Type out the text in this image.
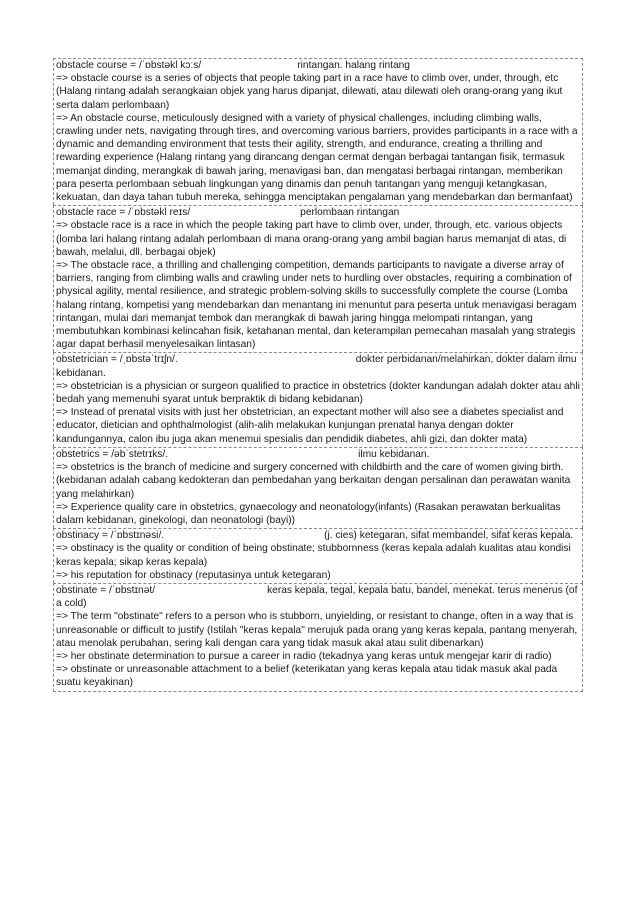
obstacle course = /ˈɒbstəkl kɔːs/	rintangan. halang rintang

=> obstacle course is a series of objects that people taking part in a race have to climb over, under, through, etc (Halang rintang adalah serangkaian objek yang harus dipanjat, dilewati, atau dilewati oleh orang-orang yang ikut serta dalam perlombaan)

=> An obstacle course, meticulously designed with a variety of physical challenges, including climbing walls, crawling under nets, navigating through tires, and overcoming various barriers, provides participants in a race with a dynamic and demanding environment that tests their agility, strength, and endurance, creating a thrilling and rewarding experience (Halang rintang yang dirancang dengan cermat dengan berbagai tantangan fisik, termasuk memanjat dinding, merangkak di bawah jaring, menavigasi ban, dan mengatasi berbagai rintangan, memberikan para peserta perlombaan sebuah lingkungan yang dinamis dan penuh tantangan yang menguji ketangkasan, kekuatan, dan daya tahan tubuh mereka, sehingga menciptakan pengalaman yang mendebarkan dan bermanfaat)

obstacle race = /ˈɒbstəkl reɪs/	perlombaan rintangan

=> obstacle race is a race in which the people taking part have to climb over, under, through, etc. various objects (lomba lari halang rintang adalah perlombaan di mana orang-orang yang ambil bagian harus memanjat di atas, di bawah, melalui, dll. berbagai objek)

=> The obstacle race, a thrilling and challenging competition, demands participants to navigate a diverse array of barriers, ranging from climbing walls and crawling under nets to hurdling over obstacles, requiring a combination of physical agility, mental resilience, and strategic problem-solving skills to successfully complete the course (Lomba halang rintang, kompetisi yang mendebarkan dan menantang ini menuntut para peserta untuk menavigasi beragam rintangan, mulai dari memanjat tembok dan merangkak di bawah jaring hingga melompati rintangan, yang membutuhkan kombinasi kelincahan fisik, ketahanan mental, dan keterampilan pemecahan masalah yang strategis agar dapat berhasil menyelesaikan lintasan)

obstetrician = /ˌɒbstəˈtrɪʃn/.	dokter perbidanan/melahirkan, dokter dalam ilmu kebidanan.

=> obstetrician is a physician or surgeon qualified to practice in obstetrics (dokter kandungan adalah dokter atau ahli bedah yang memenuhi syarat untuk berpraktik di bidang kebidanan)

=> Instead of prenatal visits with just her obstetrician, an expectant mother will also see a diabetes specialist and educator, dietician and ophthalmologist (alih-alih melakukan kunjungan prenatal hanya dengan dokter kandungannya, calon ibu juga akan menemui spesialis dan pendidik diabetes, ahli gizi, dan dokter mata)

obstetrics = /əbˈstetrɪks/.	ilmu kebidanan.

=> obstetrics is the branch of medicine and surgery concerned with childbirth and the care of women giving birth. (kebidanan adalah cabang kedokteran dan pembedahan yang berkaitan dengan persalinan dan perawatan wanita yang melahirkan)

=> Experience quality care in obstetrics, gynaecology and neonatology(infants) (Rasakan perawatan berkualitas dalam kebidanan, ginekologi, dan neonatologi (bayi))

obstinacy = /ˈɒbstɪnəsi/.	(j. cies) ketegaran, sifat membandel, sifat keras kepala.

=> obstinacy is the quality or condition of being obstinate; stubbornness (keras kepala adalah kualitas atau kondisi keras kepala; sikap keras kepala)

=> his reputation for obstinacy (reputasinya untuk ketegaran)

obstinate = /ˈɒbstɪnət/	keras kepala, tegal, kepala batu, bandel, menekat. terus menerus (of a cold)

=> The term "obstinate" refers to a person who is stubborn, unyielding, or resistant to change, often in a way that is unreasonable or difficult to justify (Istilah "keras kepala" merujuk pada orang yang keras kepala, pantang menyerah, atau menolak perubahan, sering kali dengan cara yang tidak masuk akal atau sulit dibenarkan)

=> her obstinate determination to pursue a career in radio (tekadnya yang keras untuk mengejar karir di radio)

=> obstinate or unreasonable attachment to a belief (keterikatan yang keras kepala atau tidak masuk akal pada suatu keyakinan)
